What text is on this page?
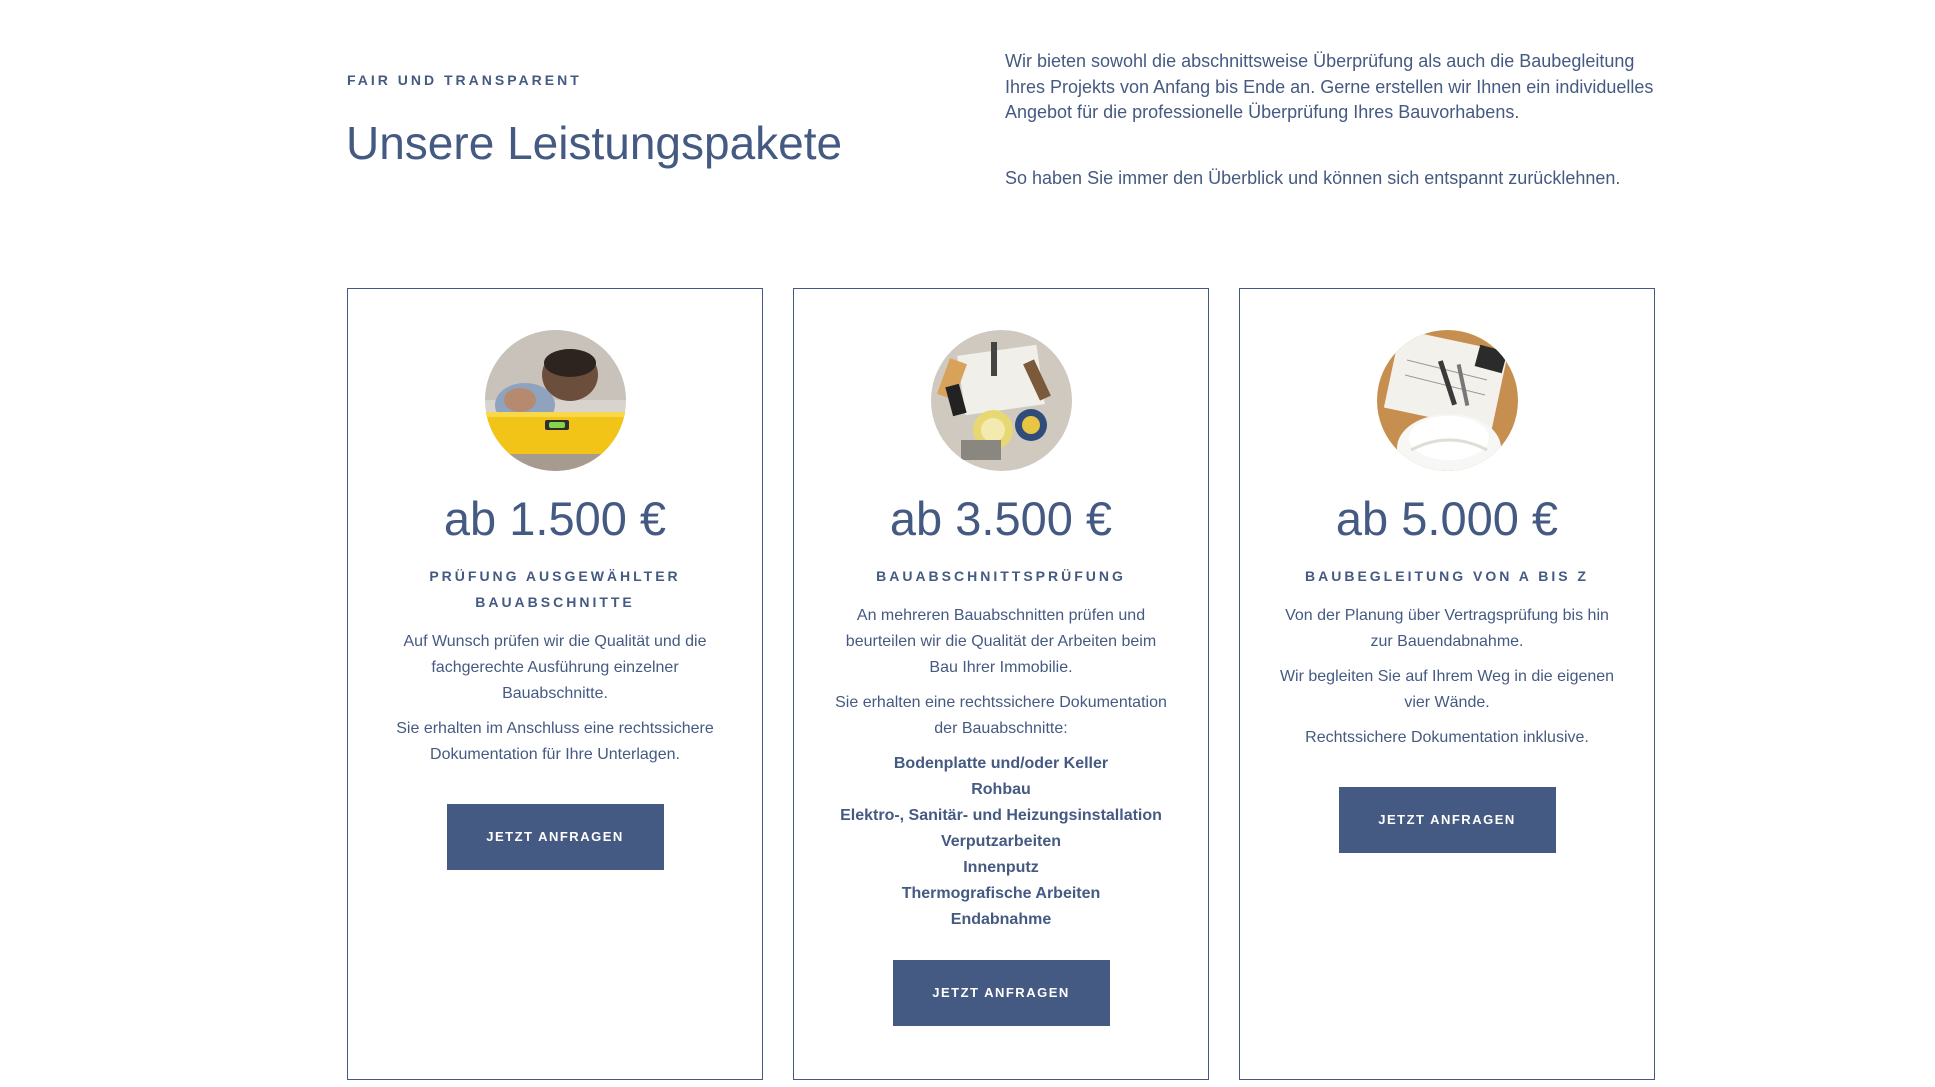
FAIR UND TRANSPARENT
Unsere Leistungspakete

Wir bieten sowohl die abschnittsweise Überprüfung als auch die Baubegleitung Ihres Projekts von Anfang bis Ende an. Gerne erstellen wir Ihnen ein individuelles Angebot für die professionelle Überprüfung Ihres Bauvorhabens.

So haben Sie immer den Überblick und können sich entspannt zurücklehnen.

ab 1.500 €
PRÜFUNG AUSGEWÄHLTER BAUABSCHNITTE

Auf Wunsch prüfen wir die Qualität und die fachgerechte Ausführung einzelner Bauabschnitte.

Sie erhalten im Anschluss eine rechtssichere Dokumentation für Ihre Unterlagen.

JETZT ANFRAGEN
ab 3.500 €
BAUABSCHNITTSPRÜFUNG

An mehreren Bauabschnitten prüfen und beurteilen wir die Qualität der Arbeiten beim Bau Ihrer Immobilie.

Sie erhalten eine rechtssichere Dokumentation der Bauabschnitte:

Bodenplatte und/oder Keller
Rohbau
Elektro-, Sanitär- und Heizungsinstallation
Verputzarbeiten
Innenputz
Thermografische Arbeiten
Endabnahme
JETZT ANFRAGEN
ab 5.000 €
BAUBEGLEITUNG VON A BIS Z

Von der Planung über Vertragsprüfung bis hin zur Bauendabnahme.

Wir begleiten Sie auf Ihrem Weg in die eigenen vier Wände.

Rechtssichere Dokumentation inklusive.

JETZT ANFRAGEN
